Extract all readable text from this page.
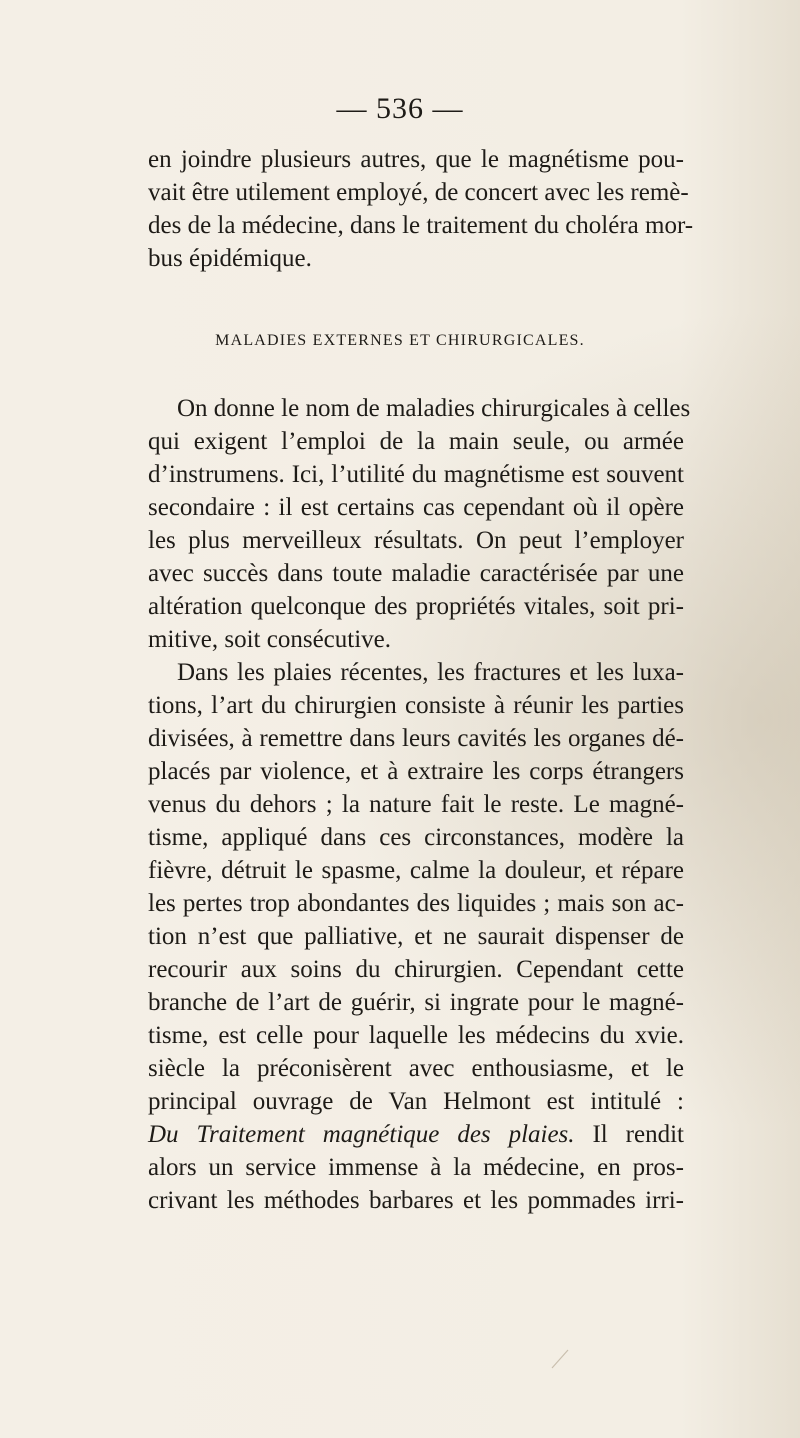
— 536 —
en joindre plusieurs autres, que le magnétisme pou-
vait être utilement employé, de concert avec les remè-
des de la médecine, dans le traitement du choléra mor-
bus épidémique.
MALADIES EXTERNES ET CHIRURGICALES.
On donne le nom de maladies chirurgicales à celles
qui exigent l’emploi de la main seule, ou armée
d’instrumens. Ici, l’utilité du magnétisme est souvent
secondaire : il est certains cas cependant où il opère
les plus merveilleux résultats. On peut l’employer
avec succès dans toute maladie caractérisée par une
altération quelconque des propriétés vitales, soit pri-
mitive, soit consécutive.
Dans les plaies récentes, les fractures et les luxa-
tions, l’art du chirurgien consiste à réunir les parties
divisées, à remettre dans leurs cavités les organes dé-
placés par violence, et à extraire les corps étrangers
venus du dehors ; la nature fait le reste. Le magné-
tisme, appliqué dans ces circonstances, modère la
fièvre, détruit le spasme, calme la douleur, et répare
les pertes trop abondantes des liquides ; mais son ac-
tion n’est que palliative, et ne saurait dispenser de
recourir aux soins du chirurgien. Cependant cette
branche de l’art de guérir, si ingrate pour le magné-
tisme, est celle pour laquelle les médecins du xvie.
siècle la préconisèrent avec enthousiasme, et le
principal ouvrage de Van Helmont est intitulé :
Du Traitement magnétique des plaies. Il rendit
alors un service immense à la médecine, en pros-
crivant les méthodes barbares et les pommades irri-
